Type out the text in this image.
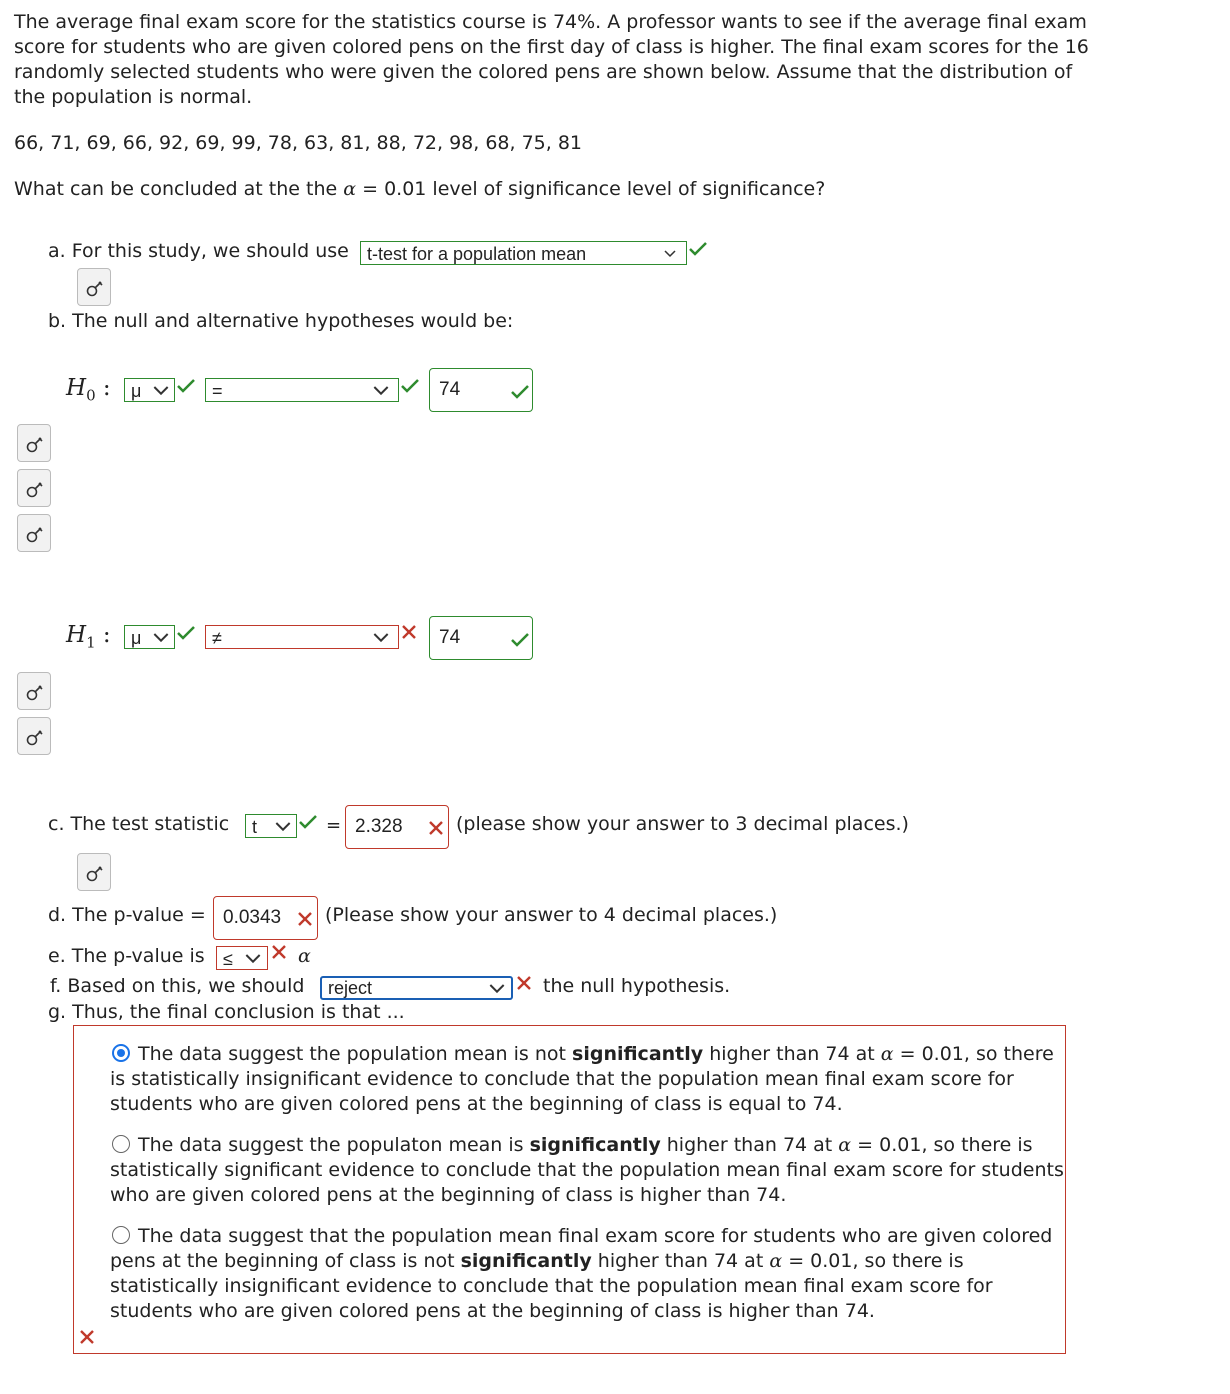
The average final exam score for the statistics course is 74%. A professor wants to see if the average final exam score for students who are given colored pens on the first day of class is higher. The final exam scores for the 16 randomly selected students who were given the colored pens are shown below. Assume that the distribution of the population is normal.
66, 71, 69, 66, 92, 69, 99, 78, 63, 81, 88, 72, 98, 68, 75, 81
What can be concluded at the the α = 0.01 level of significance level of significance?
a. For this study, we should use	t-test for a population mean
b. The null and alternative hypotheses would be:
$H_0$ :	μ	=	74
$H_1$ :	μ	≠	74
c. The test statistic	t	= 2.328	(please show your answer to 3 decimal places.)
d. The p-value = 0.0343	(Please show your answer to 4 decimal places.)
e. The p-value is	≤	α
f. Based on this, we should	reject	the null hypothesis.
g. Thus, the final conclusion is that ...
The data suggest the population mean is not significantly higher than 74 at α = 0.01, so there is statistically insignificant evidence to conclude that the population mean final exam score for students who are given colored pens at the beginning of class is equal to 74.
The data suggest the populaton mean is significantly higher than 74 at α = 0.01, so there is statistically significant evidence to conclude that the population mean final exam score for students who are given colored pens at the beginning of class is higher than 74.
The data suggest that the population mean final exam score for students who are given colored pens at the beginning of class is not significantly higher than 74 at α = 0.01, so there is statistically insignificant evidence to conclude that the population mean final exam score for students who are given colored pens at the beginning of class is higher than 74.
